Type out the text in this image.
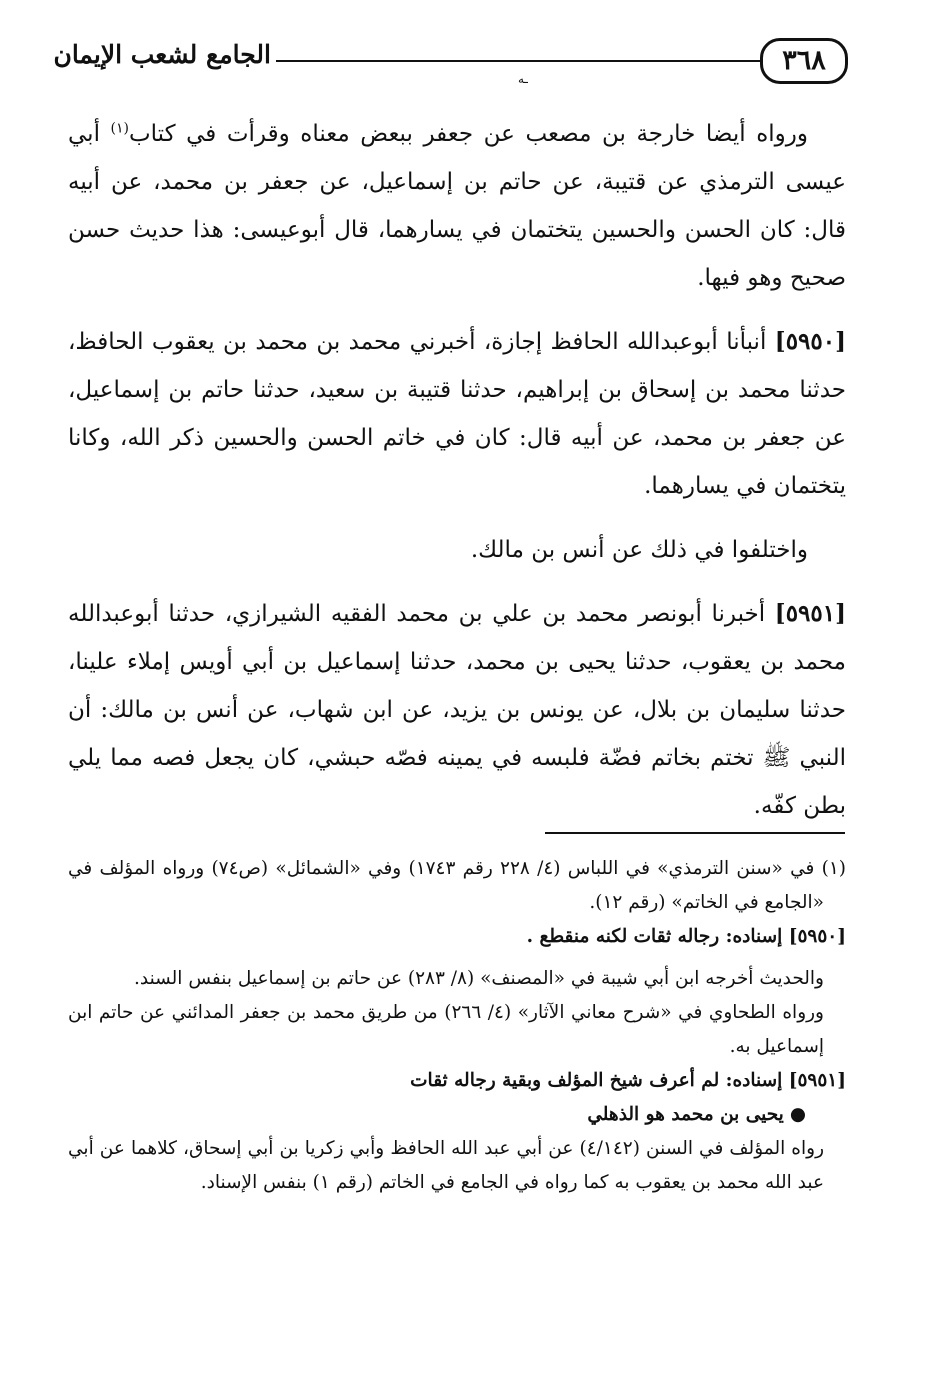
٣٦٨
الجامع لشعب الإيمان
ـه

ورواه أيضا خارجة بن مصعب عن جعفر ببعض معناه وقرأت في كتاب$^{(١)}$ أبي عيسى الترمذي عن قتيبة، عن حاتم بن إسماعيل، عن جعفر بن محمد، عن أبيه قال: كان الحسن والحسين يتختمان في يسارهما، قال أبوعيسى: هذا حديث حسن صحيح وهو فيها.

[٥٩٥٠] أنبأنا أبوعبدالله الحافظ إجازة، أخبرني محمد بن محمد بن يعقوب الحافظ، حدثنا محمد بن إسحاق بن إبراهيم، حدثنا قتيبة بن سعيد، حدثنا حاتم بن إسماعيل، عن جعفر بن محمد، عن أبيه قال: كان في خاتم الحسن والحسين ذكر الله، وكانا يتختمان في يسارهما.

واختلفوا في ذلك عن أنس بن مالك.

[٥٩٥١] أخبرنا أبونصر محمد بن علي بن محمد الفقيه الشيرازي، حدثنا أبوعبدالله محمد بن يعقوب، حدثنا يحيى بن محمد، حدثنا إسماعيل بن أبي أويس إملاء علينا، حدثنا سليمان بن بلال، عن يونس بن يزيد، عن ابن شهاب، عن أنس بن مالك: أن النبي ﷺ تختم بخاتم فضّة فلبسه في يمينه فصّه حبشي، كان يجعل فصه مما يلي بطن كفّه.

(١) في «سنن الترمذي» في اللباس (٤/ ٢٢٨ رقم ١٧٤٣) وفي «الشمائل» (ص٧٤) ورواه المؤلف في «الجامع في الخاتم» (رقم ١٢).

[٥٩٥٠] إسناده: رجاله ثقات لكنه منقطع .

والحديث أخرجه ابن أبي شيبة في «المصنف» (٨/ ٢٨٣) عن حاتم بن إسماعيل بنفس السند.

ورواه الطحاوي في «شرح معاني الآثار» (٤/ ٢٦٦) من طريق محمد بن جعفر المدائني عن حاتم ابن إسماعيل به.

[٥٩٥١] إسناده: لم أعرف شيخ المؤلف وبقية رجاله ثقات

●يحيى بن محمد هو الذهلي

رواه المؤلف في السنن (٤/١٤٢) عن أبي عبد الله الحافظ وأبي زكريا بن أبي إسحاق، كلاهما عن أبي عبد الله محمد بن يعقوب به كما رواه في الجامع في الخاتم (رقم ١) بنفس الإسناد.
